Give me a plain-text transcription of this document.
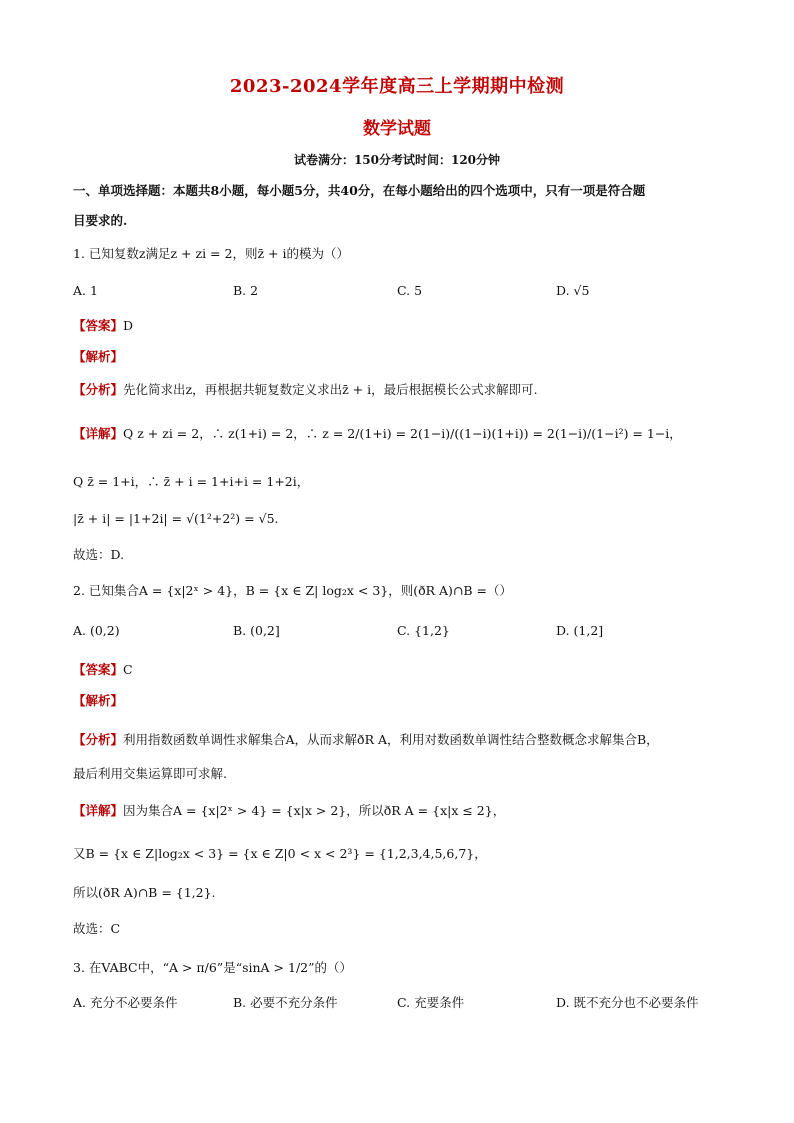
2023-2024学年度高三上学期期中检测
数学试题
试卷满分：150分考试时间：120分钟
一、单项选择题：本题共8小题，每小题5分，共40分，在每小题给出的四个选项中，只有一项是符合题
目要求的.
1. 已知复数z满足z + zi = 2，则z̄ + i的模为（）
A. 1	B. 2	C. 5	D. √5
【答案】D
【解析】
【分析】先化简求出z，再根据共轭复数定义求出z̄ + i，最后根据模长公式求解即可.
【详解】Q z + zi = 2，∴ z(1+i) = 2，∴ z = 2/(1+i) = 2(1−i)/((1−i)(1+i)) = 2(1−i)/(1−i²) = 1−i，
Q z̄ = 1+i，∴ z̄ + i = 1+i+i = 1+2i，
|z̄ + i| = |1+2i| = √(1²+2²) = √5.
故选：D.
2. 已知集合A = {x|2ˣ > 4}，B = {x ∈ Z| log₂x < 3}，则(ðR A)∩B =（）
A. (0,2)	B. (0,2]	C. {1,2}	D. (1,2]
【答案】C
【解析】
【分析】利用指数函数单调性求解集合A，从而求解ðR A，利用对数函数单调性结合整数概念求解集合B，
最后利用交集运算即可求解.
【详解】因为集合A = {x|2ˣ > 4} = {x|x > 2}，所以ðR A = {x|x ≤ 2}，
又B = {x ∈ Z|log₂x < 3} = {x ∈ Z|0 < x < 2³} = {1,2,3,4,5,6,7}，
所以(ðR A)∩B = {1,2}.
故选：C
3. 在VABC中，“A > π/6”是“sinA > 1/2”的（）
A. 充分不必要条件	B. 必要不充分条件	C. 充要条件	D. 既不充分也不必要条件
